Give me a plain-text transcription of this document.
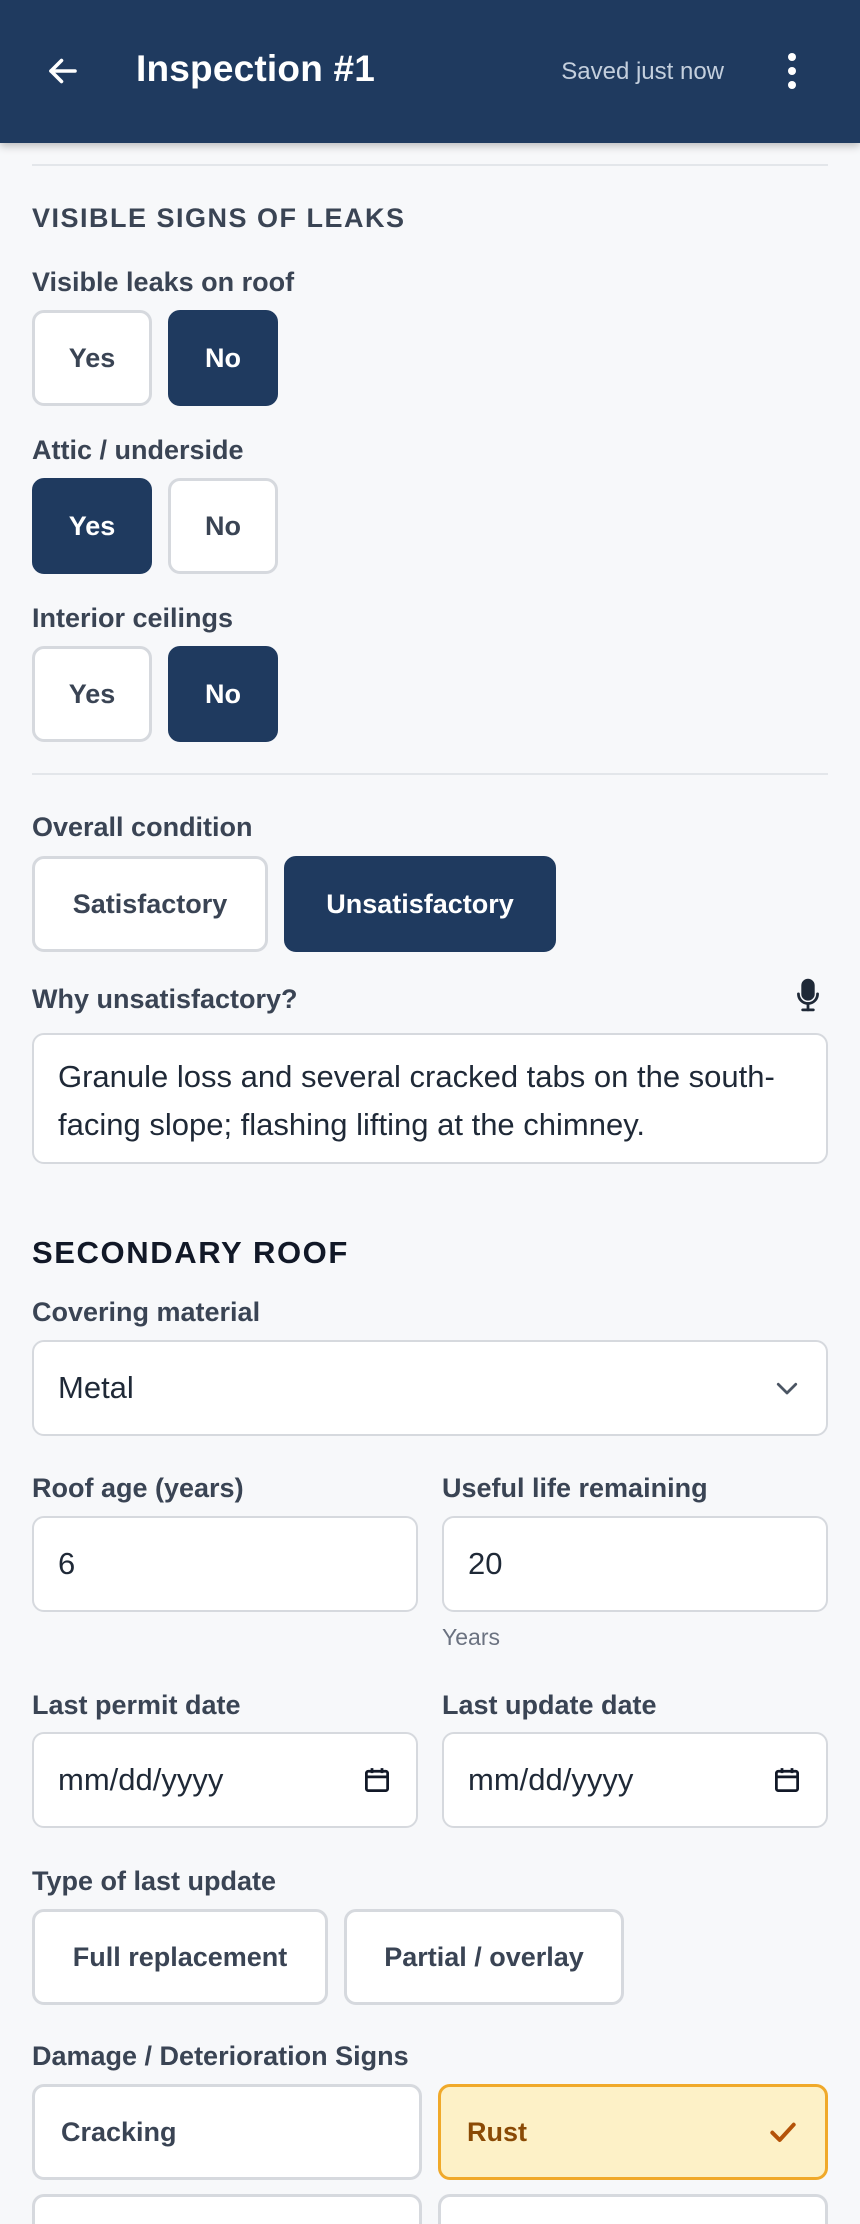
Inspection #1	Saved just now
VISIBLE SIGNS OF LEAKS
Visible leaks on roof
Yes	No
Attic / underside
Yes	No
Interior ceilings
Yes	No
Overall condition
Satisfactory	Unsatisfactory
Why unsatisfactory?
Granule loss and several cracked tabs on the south-facing slope; flashing lifting at the chimney.
SECONDARY ROOF
Covering material
Metal
Roof age (years)	Useful life remaining
6	20
Years
Last permit date	Last update date
mm/dd/yyyy	mm/dd/yyyy
Type of last update
Full replacement	Partial / overlay
Damage / Deterioration Signs
Cracking	Rust
